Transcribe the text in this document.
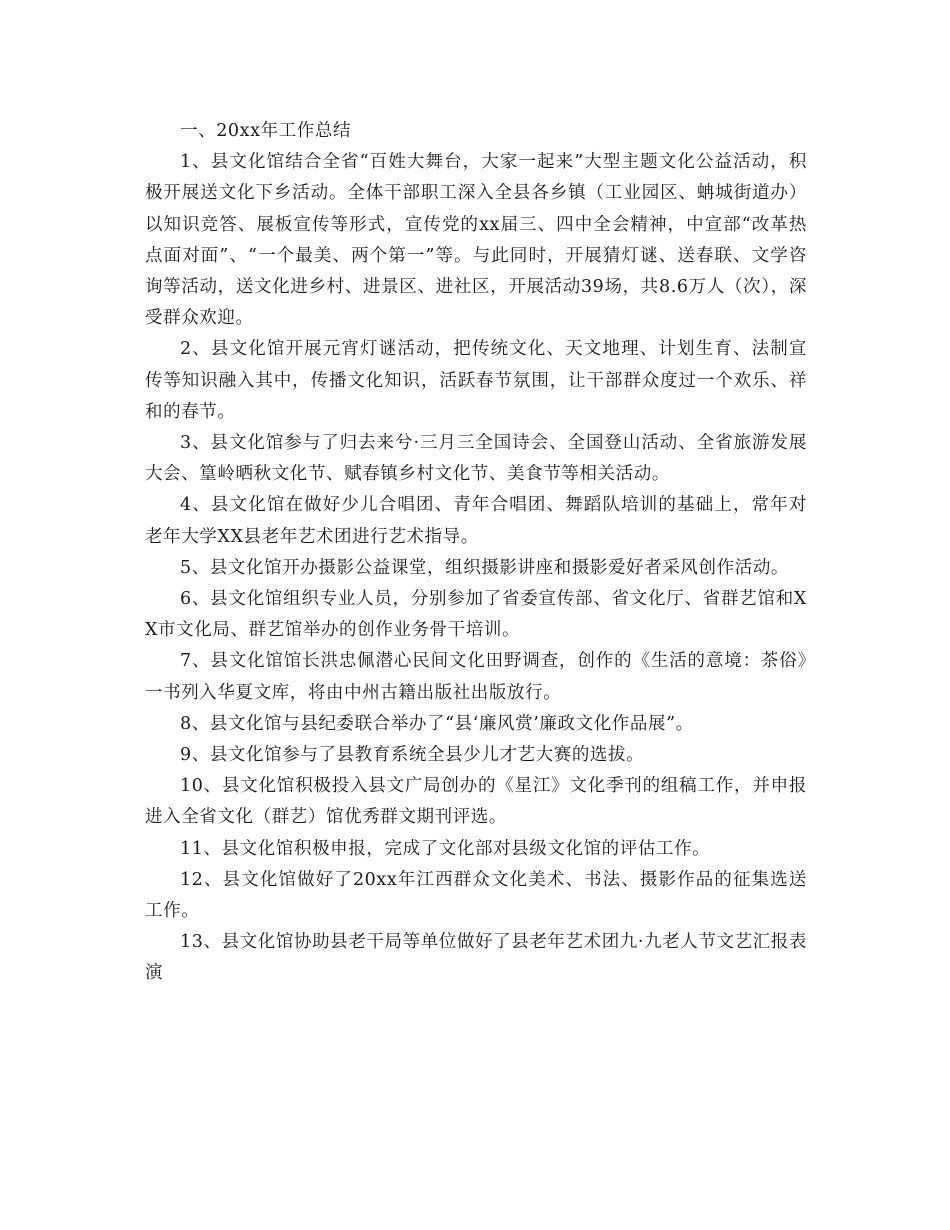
一、20xx年工作总结

1、县文化馆结合全省“百姓大舞台，大家一起来”大型主题文化公益活动，积极开展送文化下乡活动。全体干部职工深入全县各乡镇（工业园区、蚺城街道办）以知识竞答、展板宣传等形式，宣传党的xx届三、四中全会精神，中宣部“改革热点面对面”、“一个最美、两个第一”等。与此同时，开展猜灯谜、送春联、文学咨询等活动，送文化进乡村、进景区、进社区，开展活动39场，共8.6万人（次），深受群众欢迎。

2、县文化馆开展元宵灯谜活动，把传统文化、天文地理、计划生育、法制宣传等知识融入其中，传播文化知识，活跃春节氛围，让干部群众度过一个欢乐、祥和的春节。

3、县文化馆参与了归去来兮·三月三全国诗会、全国登山活动、全省旅游发展大会、篁岭晒秋文化节、赋春镇乡村文化节、美食节等相关活动。

4、县文化馆在做好少儿合唱团、青年合唱团、舞蹈队培训的基础上，常年对老年大学XX县老年艺术团进行艺术指导。

5、县文化馆开办摄影公益课堂，组织摄影讲座和摄影爱好者采风创作活动。

6、县文化馆组织专业人员，分别参加了省委宣传部、省文化厅、省群艺馆和XX市文化局、群艺馆举办的创作业务骨干培训。

7、县文化馆馆长洪忠佩潜心民间文化田野调查，创作的《生活的意境：茶俗》一书列入华夏文库，将由中州古籍出版社出版放行。

8、县文化馆与县纪委联合举办了“县‘廉风赏’廉政文化作品展”。

9、县文化馆参与了县教育系统全县少儿才艺大赛的选拔。

10、县文化馆积极投入县文广局创办的《星江》文化季刊的组稿工作，并申报进入全省文化（群艺）馆优秀群文期刊评选。

11、县文化馆积极申报，完成了文化部对县级文化馆的评估工作。

12、县文化馆做好了20xx年江西群众文化美术、书法、摄影作品的征集选送工作。

13、县文化馆协助县老干局等单位做好了县老年艺术团九·九老人节文艺汇报表演
